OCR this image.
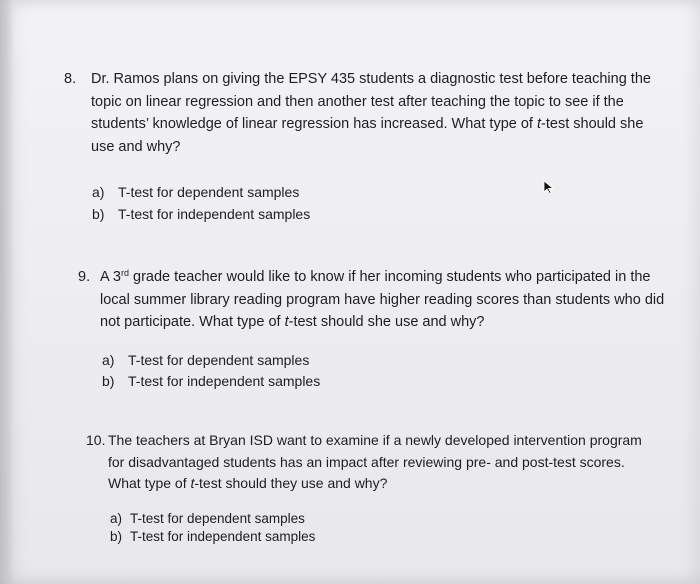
8. Dr. Ramos plans on giving the EPSY 435 students a diagnostic test before teaching the
topic on linear regression and then another test after teaching the topic to see if the
students’ knowledge of linear regression has increased. What type of t-test should she
use and why?
a) T-test for dependent samples
b) T-test for independent samples
9. A 3rd grade teacher would like to know if her incoming students who participated in the
local summer library reading program have higher reading scores than students who did
not participate. What type of t-test should she use and why?
a) T-test for dependent samples
b) T-test for independent samples
10. The teachers at Bryan ISD want to examine if a newly developed intervention program
for disadvantaged students has an impact after reviewing pre- and post-test scores.
What type of t-test should they use and why?
a) T-test for dependent samples
b) T-test for independent samples
